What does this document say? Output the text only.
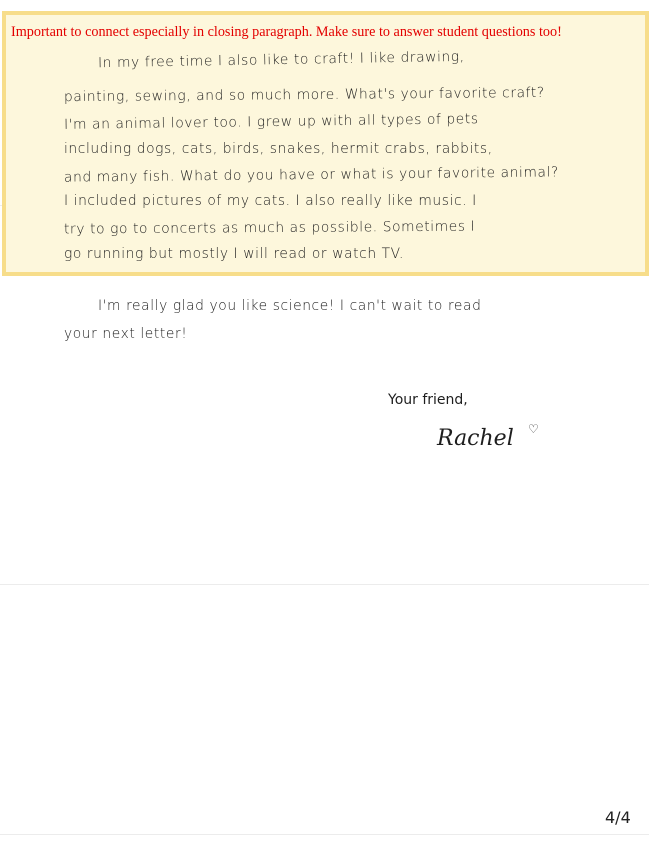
Important to connect especially in closing paragraph. Make sure to answer student questions too!
In my free time I also like to craft! I like drawing,
painting, sewing, and so much more. What's your favorite craft?
I'm an animal lover too. I grew up with all types of pets
including dogs, cats, birds, snakes, hermit crabs, rabbits,
and many fish. What do you have or what is your favorite animal?
I included pictures of my cats. I also really like music. I
try to go to concerts as much as possible. Sometimes I
go running but mostly I will read or watch TV.
I'm really glad you like science! I can't wait to read
your next letter!
Your friend,
Rachel ♡
4/4
